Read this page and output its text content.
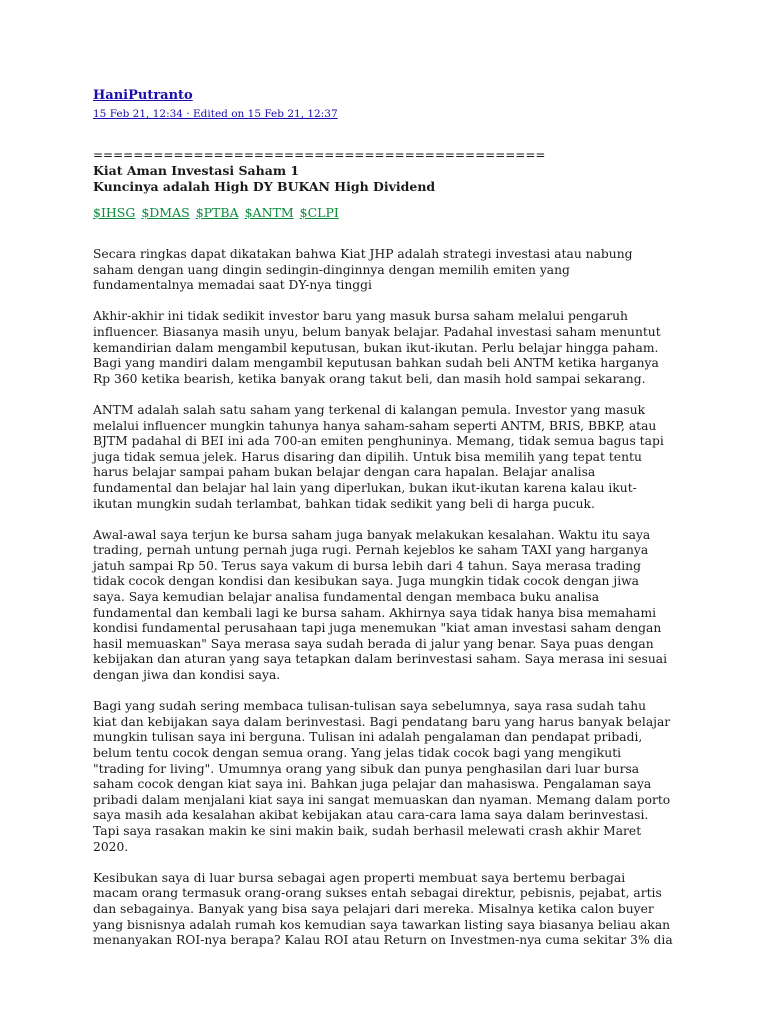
HaniPutranto
15 Feb 21, 12:34 · Edited on 15 Feb 21, 12:37
=============================================
Kiat Aman Investasi Saham 1
Kuncinya adalah High DY BUKAN High Dividend
$IHSG $DMAS $PTBA $ANTM $CLPI

Secara ringkas dapat dikatakan bahwa Kiat JHP adalah strategi investasi atau nabung saham dengan uang dingin sedingin-dinginnya dengan memilih emiten yang fundamentalnya memadai saat DY-nya tinggi

Akhir-akhir ini tidak sedikit investor baru yang masuk bursa saham melalui pengaruh influencer. Biasanya masih unyu, belum banyak belajar. Padahal investasi saham menuntut kemandirian dalam mengambil keputusan, bukan ikut-ikutan. Perlu belajar hingga paham. Bagi yang mandiri dalam mengambil keputusan bahkan sudah beli ANTM ketika harganya Rp 360 ketika bearish, ketika banyak orang takut beli, dan masih hold sampai sekarang.

ANTM adalah salah satu saham yang terkenal di kalangan pemula. Investor yang masuk melalui influencer mungkin tahunya hanya saham-saham seperti ANTM, BRIS, BBKP, atau BJTM padahal di BEI ini ada 700-an emiten penghuninya. Memang, tidak semua bagus tapi juga tidak semua jelek. Harus disaring dan dipilih. Untuk bisa memilih yang tepat tentu harus belajar sampai paham bukan belajar dengan cara hapalan. Belajar analisa fundamental dan belajar hal lain yang diperlukan, bukan ikut-ikutan karena kalau ikut-ikutan mungkin sudah terlambat, bahkan tidak sedikit yang beli di harga pucuk.

Awal-awal saya terjun ke bursa saham juga banyak melakukan kesalahan. Waktu itu saya trading, pernah untung pernah juga rugi. Pernah kejeblos ke saham TAXI yang harganya jatuh sampai Rp 50. Terus saya vakum di bursa lebih dari 4 tahun. Saya merasa trading tidak cocok dengan kondisi dan kesibukan saya. Juga mungkin tidak cocok dengan jiwa saya. Saya kemudian belajar analisa fundamental dengan membaca buku analisa fundamental dan kembali lagi ke bursa saham. Akhirnya saya tidak hanya bisa memahami kondisi fundamental perusahaan tapi juga menemukan "kiat aman investasi saham dengan hasil memuaskan" Saya merasa saya sudah berada di jalur yang benar. Saya puas dengan kebijakan dan aturan yang saya tetapkan dalam berinvestasi saham. Saya merasa ini sesuai dengan jiwa dan kondisi saya.

Bagi yang sudah sering membaca tulisan-tulisan saya sebelumnya, saya rasa sudah tahu kiat dan kebijakan saya dalam berinvestasi. Bagi pendatang baru yang harus banyak belajar mungkin tulisan saya ini berguna. Tulisan ini adalah pengalaman dan pendapat pribadi, belum tentu cocok dengan semua orang. Yang jelas tidak cocok bagi yang mengikuti "trading for living". Umumnya orang yang sibuk dan punya penghasilan dari luar bursa saham cocok dengan kiat saya ini. Bahkan juga pelajar dan mahasiswa. Pengalaman saya pribadi dalam menjalani kiat saya ini sangat memuaskan dan nyaman. Memang dalam porto saya masih ada kesalahan akibat kebijakan atau cara-cara lama saya dalam berinvestasi. Tapi saya rasakan makin ke sini makin baik, sudah berhasil melewati crash akhir Maret 2020.

Kesibukan saya di luar bursa sebagai agen properti membuat saya bertemu berbagai macam orang termasuk orang-orang sukses entah sebagai direktur, pebisnis, pejabat, artis dan sebagainya. Banyak yang bisa saya pelajari dari mereka. Misalnya ketika calon buyer yang bisnisnya adalah rumah kos kemudian saya tawarkan listing saya biasanya beliau akan menanyakan ROI-nya berapa? Kalau ROI atau Return on Investmen-nya cuma sekitar 3% dia
